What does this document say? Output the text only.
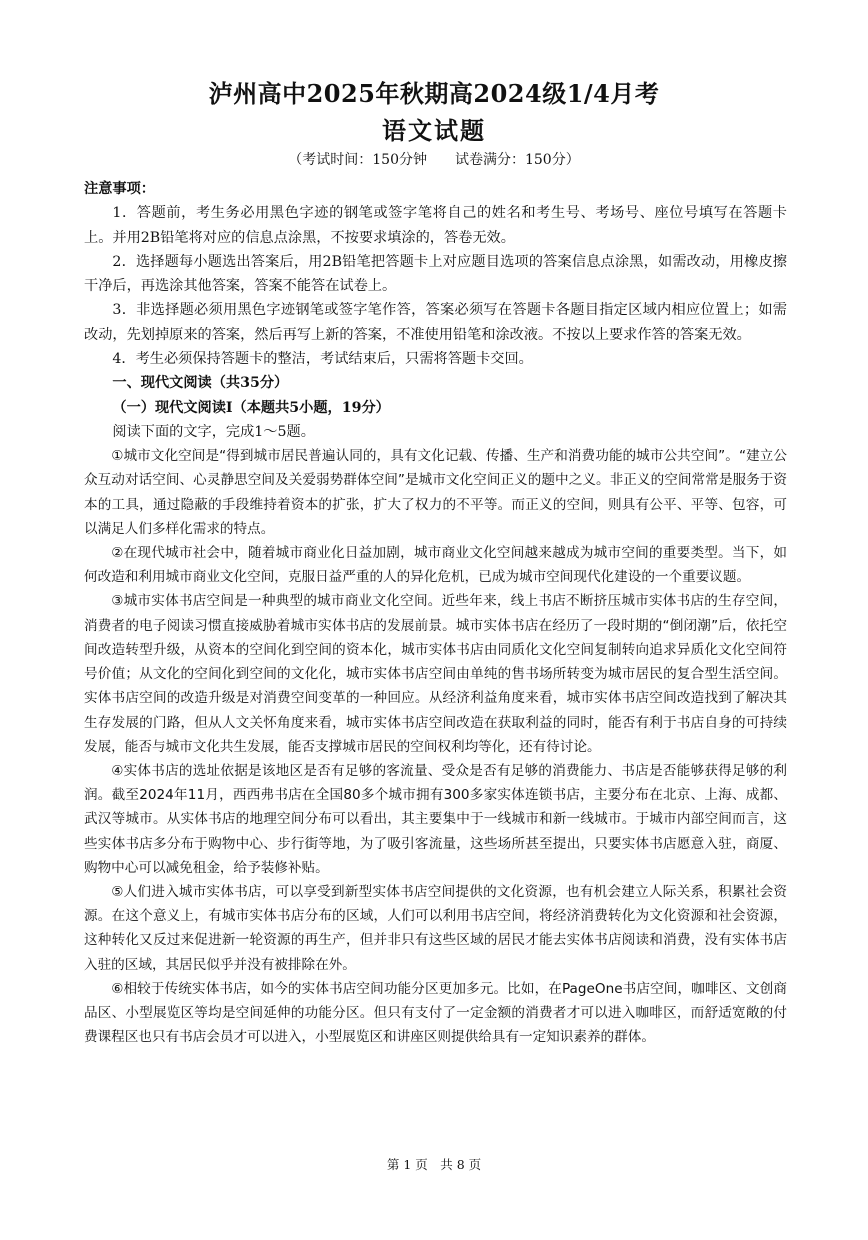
泸州高中2025年秋期高2024级1/4月考
语文试题
（考试时间：150分钟　　试卷满分：150分）

注意事项：

1．答题前，考生务必用黑色字迹的钢笔或签字笔将自己的姓名和考生号、考场号、座位号填写在答题卡上。并用2B铅笔将对应的信息点涂黑，不按要求填涂的，答卷无效。

2．选择题每小题选出答案后，用2B铅笔把答题卡上对应题目选项的答案信息点涂黑，如需改动，用橡皮擦干净后，再选涂其他答案，答案不能答在试卷上。

3．非选择题必须用黑色字迹钢笔或签字笔作答，答案必须写在答题卡各题目指定区域内相应位置上；如需改动，先划掉原来的答案，然后再写上新的答案，不准使用铅笔和涂改液。不按以上要求作答的答案无效。

4．考生必须保持答题卡的整洁，考试结束后，只需将答题卡交回。

一、现代文阅读（共35分）

（一）现代文阅读Ⅰ（本题共5小题，19分）

阅读下面的文字，完成1～5题。

①城市文化空间是“得到城市居民普遍认同的，具有文化记载、传播、生产和消费功能的城市公共空间”。“建立公众互动对话空间、心灵静思空间及关爱弱势群体空间”是城市文化空间正义的题中之义。非正义的空间常常是服务于资本的工具，通过隐蔽的手段维持着资本的扩张，扩大了权力的不平等。而正义的空间，则具有公平、平等、包容，可以满足人们多样化需求的特点。

②在现代城市社会中，随着城市商业化日益加剧，城市商业文化空间越来越成为城市空间的重要类型。当下，如何改造和利用城市商业文化空间，克服日益严重的人的异化危机，已成为城市空间现代化建设的一个重要议题。

③城市实体书店空间是一种典型的城市商业文化空间。近些年来，线上书店不断挤压城市实体书店的生存空间，消费者的电子阅读习惯直接威胁着城市实体书店的发展前景。城市实体书店在经历了一段时期的“倒闭潮”后，依托空间改造转型升级，从资本的空间化到空间的资本化，城市实体书店由同质化文化空间复制转向追求异质化文化空间符号价值；从文化的空间化到空间的文化化，城市实体书店空间由单纯的售书场所转变为城市居民的复合型生活空间。实体书店空间的改造升级是对消费空间变革的一种回应。从经济利益角度来看，城市实体书店空间改造找到了解决其生存发展的门路，但从人文关怀角度来看，城市实体书店空间改造在获取利益的同时，能否有利于书店自身的可持续发展，能否与城市文化共生发展，能否支撑城市居民的空间权利均等化，还有待讨论。

④实体书店的选址依据是该地区是否有足够的客流量、受众是否有足够的消费能力、书店是否能够获得足够的利润。截至2024年11月，西西弗书店在全国80多个城市拥有300多家实体连锁书店，主要分布在北京、上海、成都、武汉等城市。从实体书店的地理空间分布可以看出，其主要集中于一线城市和新一线城市。于城市内部空间而言，这些实体书店多分布于购物中心、步行街等地，为了吸引客流量，这些场所甚至提出，只要实体书店愿意入驻，商厦、购物中心可以减免租金，给予装修补贴。

⑤人们进入城市实体书店，可以享受到新型实体书店空间提供的文化资源，也有机会建立人际关系，积累社会资源。在这个意义上，有城市实体书店分布的区域，人们可以利用书店空间，将经济消费转化为文化资源和社会资源，这种转化又反过来促进新一轮资源的再生产，但并非只有这些区域的居民才能去实体书店阅读和消费，没有实体书店入驻的区域，其居民似乎并没有被排除在外。

⑥相较于传统实体书店，如今的实体书店空间功能分区更加多元。比如，在PageOne书店空间，咖啡区、文创商品区、小型展览区等均是空间延伸的功能分区。但只有支付了一定金额的消费者才可以进入咖啡区，而舒适宽敞的付费课程区也只有书店会员才可以进入，小型展览区和讲座区则提供给具有一定知识素养的群体。

第 1 页　共 8 页
